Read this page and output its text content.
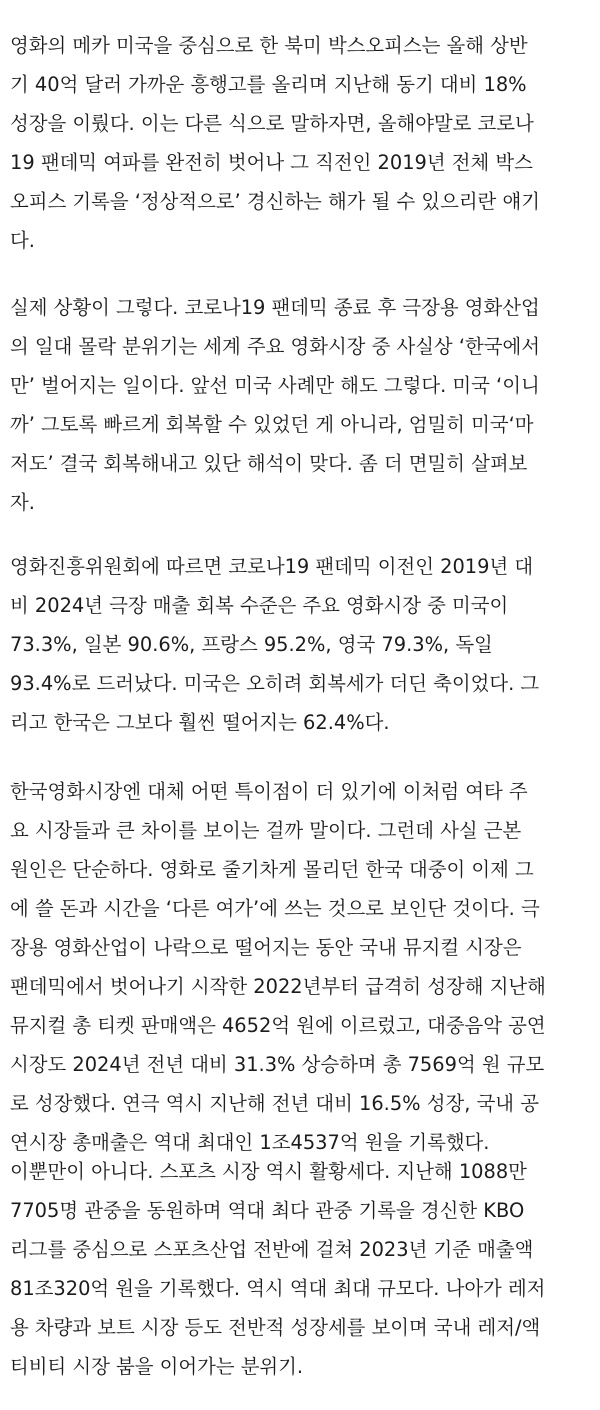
영화의 메카 미국을 중심으로 한 북미 박스오피스는 올해 상반
기 40억 달러 가까운 흥행고를 올리며 지난해 동기 대비 18%
성장을 이뤘다. 이는 다른 식으로 말하자면, 올해야말로 코로나
19 팬데믹 여파를 완전히 벗어나 그 직전인 2019년 전체 박스
오피스 기록을 ‘정상적으로’ 경신하는 해가 될 수 있으리란 얘기
다.

실제 상황이 그렇다. 코로나19 팬데믹 종료 후 극장용 영화산업
의 일대 몰락 분위기는 세계 주요 영화시장 중 사실상 ‘한국에서
만’ 벌어지는 일이다. 앞선 미국 사례만 해도 그렇다. 미국 ‘이니
까’ 그토록 빠르게 회복할 수 있었던 게 아니라, 엄밀히 미국‘마
저도’ 결국 회복해내고 있단 해석이 맞다. 좀 더 면밀히 살펴보
자.

영화진흥위원회에 따르면 코로나19 팬데믹 이전인 2019년 대
비 2024년 극장 매출 회복 수준은 주요 영화시장 중 미국이
73.3%, 일본 90.6%, 프랑스 95.2%, 영국 79.3%, 독일
93.4%로 드러났다. 미국은 오히려 회복세가 더딘 축이었다. 그
리고 한국은 그보다 훨씬 떨어지는 62.4%다.

한국영화시장엔 대체 어떤 특이점이 더 있기에 이처럼 여타 주
요 시장들과 큰 차이를 보이는 걸까 말이다. 그런데 사실 근본
원인은 단순하다. 영화로 줄기차게 몰리던 한국 대중이 이제 그
에 쓸 돈과 시간을 ‘다른 여가’에 쓰는 것으로 보인단 것이다. 극
장용 영화산업이 나락으로 떨어지는 동안 국내 뮤지컬 시장은
팬데믹에서 벗어나기 시작한 2022년부터 급격히 성장해 지난해
뮤지컬 총 티켓 판매액은 4652억 원에 이르렀고, 대중음악 공연
시장도 2024년 전년 대비 31.3% 상승하며 총 7569억 원 규모
로 성장했다. 연극 역시 지난해 전년 대비 16.5% 성장, 국내 공
연시장 총매출은 역대 최대인 1조4537억 원을 기록했다.

이뿐만이 아니다. 스포츠 시장 역시 활황세다. 지난해 1088만
7705명 관중을 동원하며 역대 최다 관중 기록을 경신한 KBO
리그를 중심으로 스포츠산업 전반에 걸쳐 2023년 기준 매출액
81조320억 원을 기록했다. 역시 역대 최대 규모다. 나아가 레저
용 차량과 보트 시장 등도 전반적 성장세를 보이며 국내 레저/액
티비티 시장 붐을 이어가는 분위기.
